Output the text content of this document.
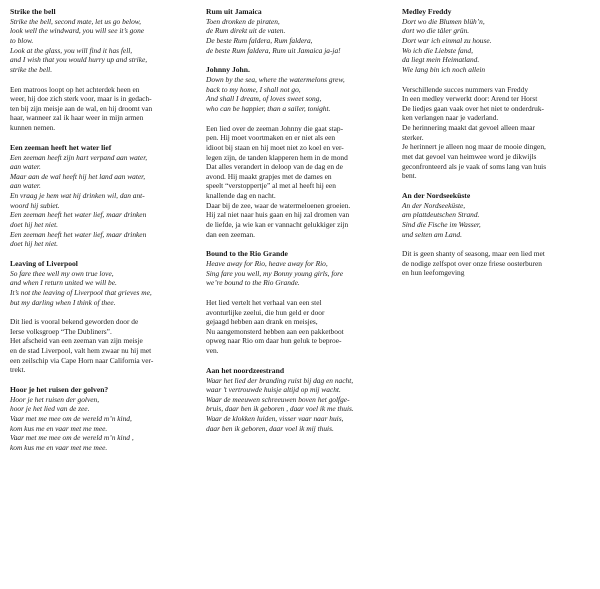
Strike the bell

Strike the bell, second mate, let us go below,
look well the windward, you will see it’s gone
to blow.
Look at the glass, you will find it has fell,
and I wish that you would hurry up and strike,
strike the bell.
Een matroos loopt op het achterdek heen en
weer, hij doe zich sterk voor, maar is in gedach-
ten bij zijn meisje aan de wal, en hij droomt van
haar, wanneer zal ik haar weer in mijn armen
kunnen nemen.

Een zeeman heeft het water lief

Een zeeman heeft zijn hart verpand aan water,
aan water.
Maar aan de wal heeft hij het land aan water,
aan water.
En vraag je hem wat hij drinken wil, dan ant-
woord hij subiet.
Een zeeman heeft het water lief, maar drinken
doet hij het niet.
Een zeeman heeft het water lief, maar drinken
doet hij het niet.

Leaving of Liverpool

So fare thee well my own true love,
and when I return united we will be.
It’s not the leaving of Liverpool that grieves me,
but my darling when I think of thee.
Dit lied is vooral bekend geworden door de
Ierse volksgroep “The Dubliners”.
Het afscheid van een zeeman van zijn meisje
en de stad Liverpool, valt hem zwaar nu hij met
een zeilschip via Cape Horn naar California ver-
trekt.

Hoor je het ruisen der golven?

Hoor je het ruisen der golven,
hoor je het lied van de zee.
Vaar met me mee om de wereld m’n kind,
kom kus me en vaar met me mee.
Vaar met me mee om de wereld m’n kind ,
kom kus me en vaar met me mee.

Rum uit Jamaica

Toen dronken de piraten,
de Rum direkt uit de vaten.
De beste Rum faldera, Rum faldera,
de beste Rum faldera, Rum uit Jamaica ja-ja!

Johnny John.

Down by the sea, where the watermelons grew,
back to my home, I shall not go,
And shall I dream, of loves sweet song,
who can be happier, than a sailer, tonight.
Een lied over de zeeman Johnny die gaat stap-
pen. Hij moet voortmaken en er niet als een
idioot bij staan en hij moet niet zo koel en ver-
legen zijn, de tanden klapperen hem in de mond
Dat alles verandert in deloop van de dag en de
avond. Hij maakt grapjes met de dames en
speelt “verstoppertje” al met al heeft hij een
knallende dag en nacht.
Daar bij de zee, waar de watermeloenen groeien.
Hij zal niet naar huis gaan en hij zal dromen van
de liefde, ja wie kan er vannacht gelukkiger zijn
dan een zeeman.

Bound to the Rio Grande

Heave away for Rio, heave away for Rio,
Sing fare you well, my Bonny young girls, fore
we’re bound to the Rio Grande.
Het lied vertelt het verhaal van een stel
avonturlijke zeelui, die hun geld er door
gejaagd hebben aan drank en meisjes,
Nu aangemonsterd hebben aan een pakketboot
opweg naar Rio om daar hun geluk te beproe-
ven.

Aan het noordzeestrand

Waar het lied der branding ruist bij dag en nacht,
waar ’t vertrouwde huisje altijd op mij wacht.
Waar de meeuwen schreeuwen boven het golfge-
bruis, daar ben ik geboren , daar voel ik me thuis.
Waar de klokken luiden, visser vaar naar huis,
daar ben ik geboren, daar voel ik mij thuis.

Medley Freddy

Dort wo die Blumen blüh’n,
dort wo die täler grün.
Dort war ich einmal zu house.
Wo ich die Liebste fand,
da liegt mein Heimatland.
Wie lang bin ich noch allein
Verschillende succes nummers van Freddy
In een medley verwerkt door: Arend ter Horst
De liedjes gaan vaak over het niet te onderdruk-
ken verlangen naar je vaderland.
De herinnering maakt dat gevoel alleen maar
sterker.
Je herinnert je alleen nog maar de mooie dingen,
met dat gevoel van heimwee word je dikwijls
geconfronteerd als je vaak of soms lang van huis
bent.

An der Nordseeküste

An der Nordseeküste,
am plattdeutschen Strand.
Sind die Fische im Wasser,
und selten am Land.
Dit is geen shanty of seasong, maar een lied met
de nodige zelfspot over onze friese oosterburen
en hun leefomgeving
